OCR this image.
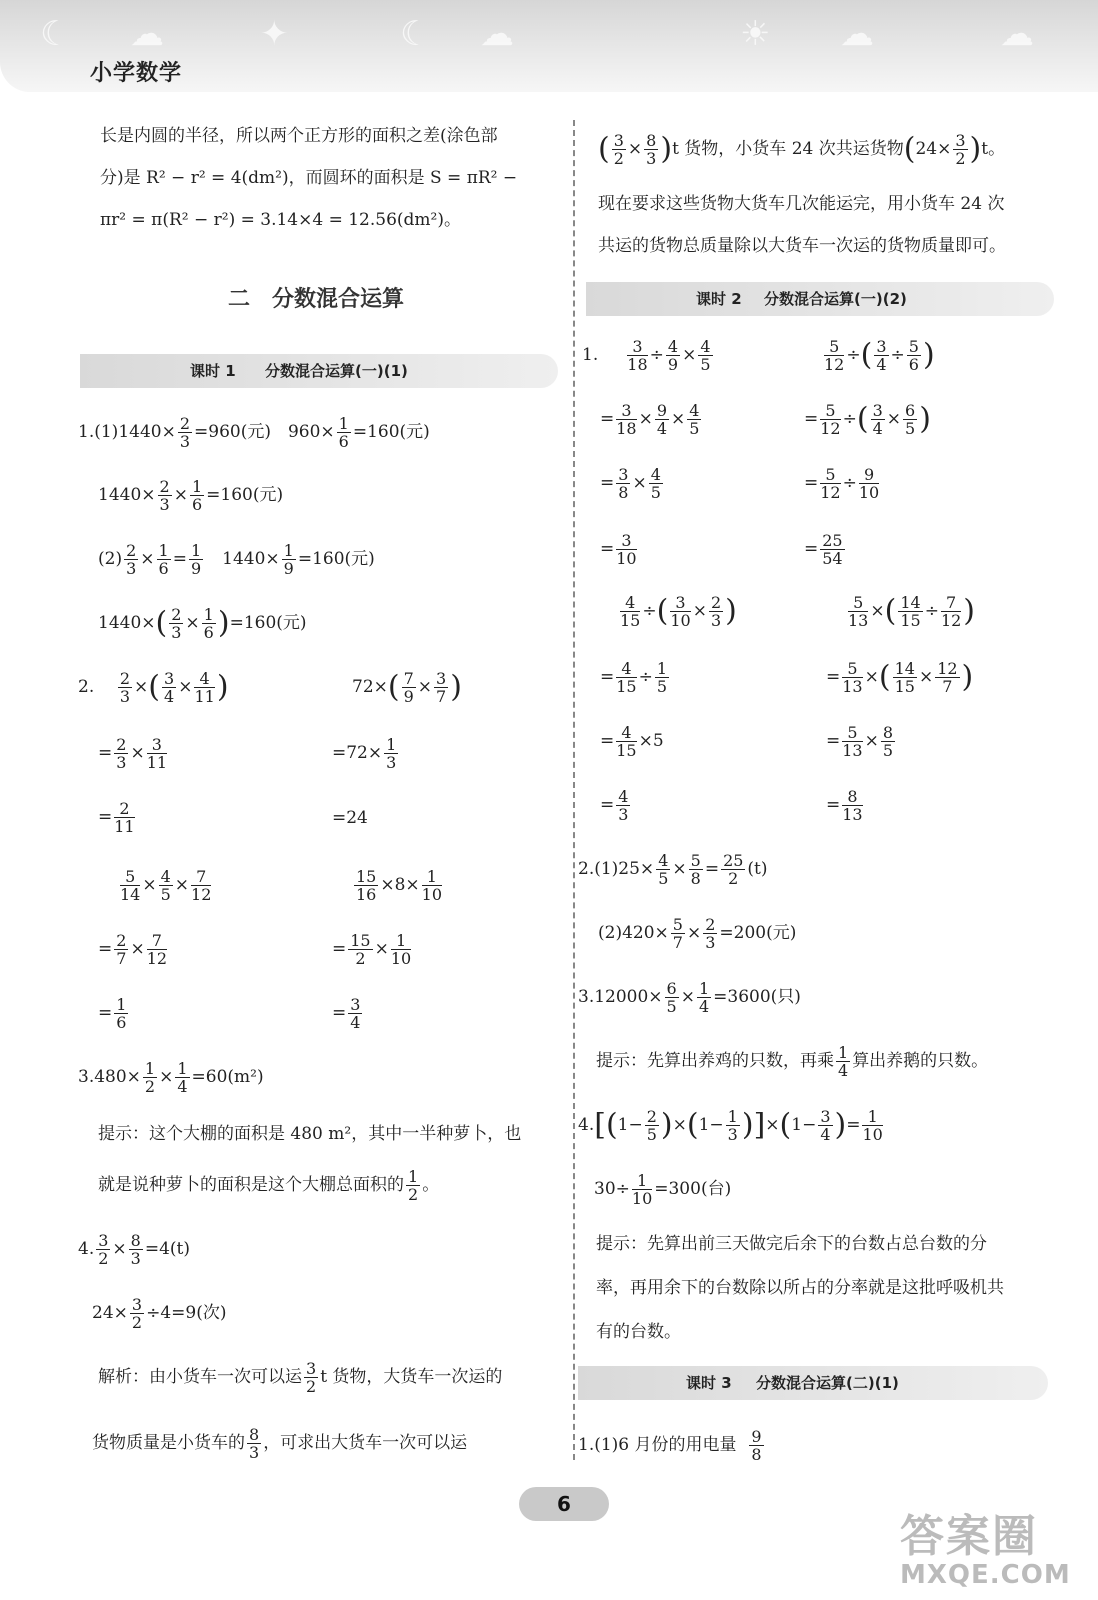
☾ ☁	✦	☾ ☁	☀ ☁	☁
小学数学
长是内圆的半径，所以两个正方形的面积之差(涂色部
分)是 R² − r² = 4(dm²)，而圆环的面积是 S = πR² −
πr² = π(R² − r²) = 3.14×4 = 12.56(dm²)。
二　分数混合运算
课时 1 分数混合运算(一)(1)
$1.(1)1440\times \frac{2}{3} =960$(元)　$960\times \frac{1}{6} =160$(元)
$1440\times \frac{2}{3} \times \frac{1}{6} =160$(元)
$(2) \frac{2}{3} \times \frac{1}{6} = \frac{1}{9}$ 　$1440\times \frac{1}{9} =160$(元)
$1440\times( \frac{2}{3} \times \frac{1}{6} )=160$(元)
2. $\frac{2}{3}$ ×( $\frac{3}{4} \times \frac{4}{11}$ )	$72\times( \frac{7}{9} \times \frac{3}{7}$ )
= $\frac{2}{3} \times \frac{3}{11}$	$=72\times \frac{1}{3}$
= $\frac{2}{11}$	=24
$\frac{5}{14} \times \frac{4}{5} \times \frac{7}{12}$	$\frac{15}{16} \times 8\times \frac{1}{10}$
= $\frac{2}{7} \times \frac{7}{12}$	= $\frac{15}{2} \times \frac{1}{10}$
= $\frac{1}{6}$	= $\frac{3}{4}$
$3.480\times \frac{1}{2} \times \frac{1}{4} =60(m^2)$
提示：这个大棚的面积是 480 m²，其中一半种萝卜，也
就是说种萝卜的面积是这个大棚总面积的 $\frac{1}{2}$ 。
4. $\frac{3}{2} \times \frac{8}{3} =4(t)$
$24\times \frac{3}{2} \div 4=9$(次)
解析：由小货车一次可以运 $\frac{3}{2}$ t 货物，大货车一次运的
货物质量是小货车的 $\frac{8}{3}$ ，可求出大货车一次可以运
( $\frac{3}{2} \times \frac{8}{3} )t$ 货物，小货车 24 次共运货物$(24\times \frac{3}{2} )t$。
现在要求这些货物大货车几次能运完，用小货车 24 次
共运的货物总质量除以大货车一次运的货物质量即可。
课时 2 分数混合运算(一)(2)
1. $\frac{3}{18} \div \frac{4}{9} \times \frac{4}{5}$	$\frac{5}{12}$ ÷( $\frac{3}{4} \div \frac{5}{6}$ )
= $\frac{3}{18} \times \frac{9}{4} \times \frac{4}{5}$	= $\frac{5}{12}$ ÷( $\frac{3}{4} \times \frac{6}{5}$ )
= $\frac{3}{8} \times \frac{4}{5}$	= $\frac{5}{12} \div \frac{9}{10}$
= $\frac{3}{10}$	= $\frac{25}{54}$
$\frac{4}{15}$ ÷( $\frac{3}{10} \times \frac{2}{3}$ )	$\frac{5}{13}$ ×( $\frac{14}{15} \div \frac{7}{12}$ )
= $\frac{4}{15} \div \frac{1}{5}$	= $\frac{5}{13}$ ×( $\frac{14}{15} \times \frac{12}{7}$ )
= $\frac{4}{15} \times 5$	= $\frac{5}{13} \times \frac{8}{5}$
= $\frac{4}{3}$	= $\frac{8}{13}$
$2.(1)25\times \frac{4}{5} \times \frac{5}{8} = \frac{25}{2} (t)$
$(2)420\times \frac{5}{7} \times \frac{2}{3} =200$(元)
$3.12000\times \frac{6}{5} \times \frac{1}{4} =3600$(只)
提示：先算出养鸡的只数，再乘 $\frac{1}{4}$ 算出养鹅的只数。
$4.[(1- \frac{2}{5} )\times(1- \frac{1}{3} )]\times(1- \frac{3}{4}$ )= $\frac{1}{10}$
$30\div \frac{1}{10} =300$(台)
提示：先算出前三天做完后余下的台数占总台数的分
率，再用余下的台数除以所占的分率就是这批呼吸机共
有的台数。
课时 3 分数混合运算(二)(1)
1.(1)6 月份的用电量 $\frac{9}{8}$
6
答案圈
MXQE.COM
